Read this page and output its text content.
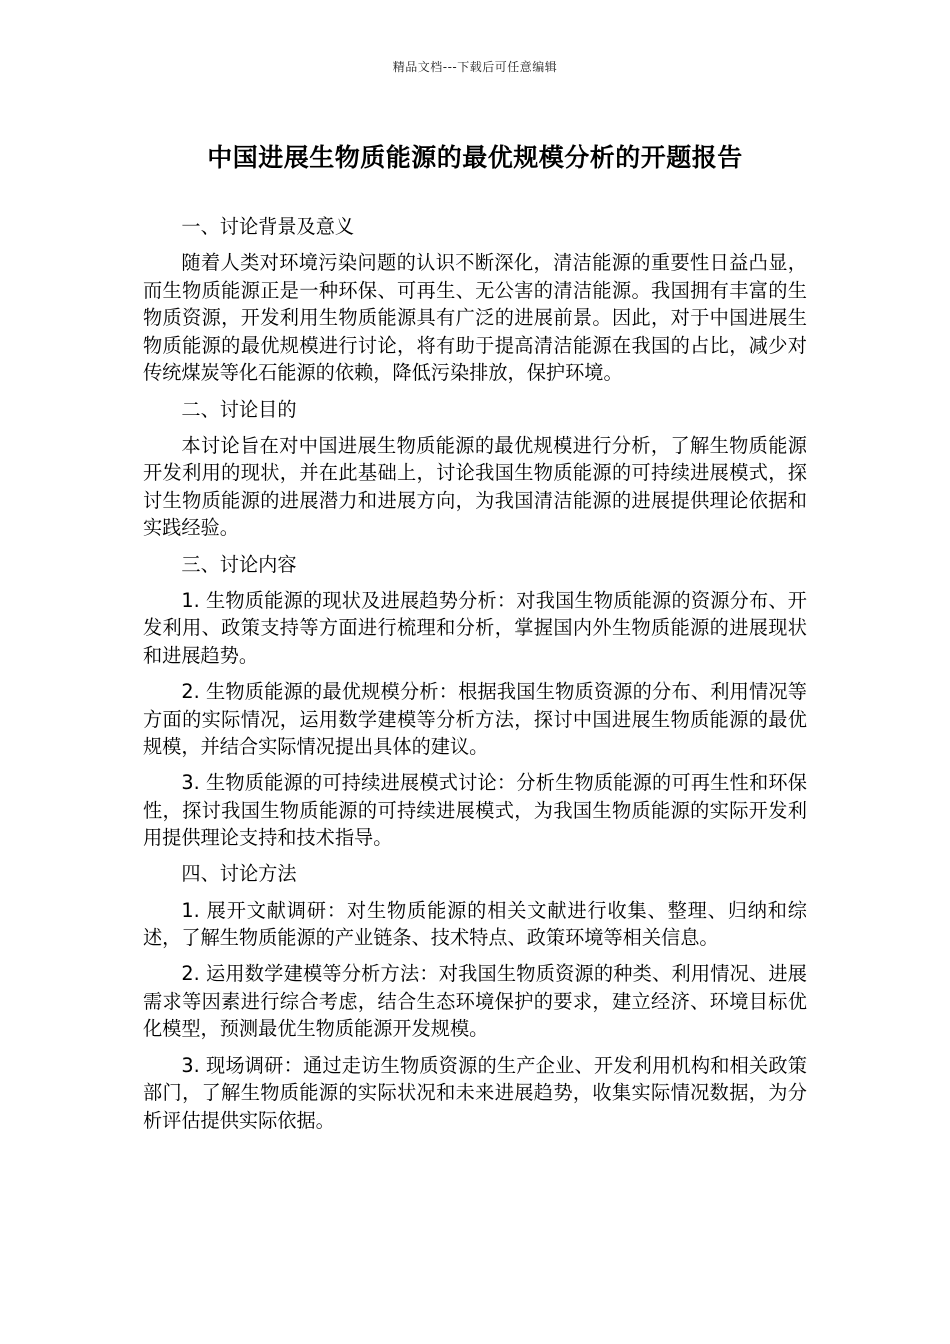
精品文档---下载后可任意编辑
中国进展生物质能源的最优规模分析的开题报告

一、讨论背景及意义

随着人类对环境污染问题的认识不断深化，清洁能源的重要性日益凸显，而生物质能源正是一种环保、可再生、无公害的清洁能源。我国拥有丰富的生物质资源，开发利用生物质能源具有广泛的进展前景。因此，对于中国进展生物质能源的最优规模进行讨论，将有助于提高清洁能源在我国的占比，减少对传统煤炭等化石能源的依赖，降低污染排放，保护环境。

二、讨论目的

本讨论旨在对中国进展生物质能源的最优规模进行分析，了解生物质能源开发利用的现状，并在此基础上，讨论我国生物质能源的可持续进展模式，探讨生物质能源的进展潜力和进展方向，为我国清洁能源的进展提供理论依据和实践经验。

三、讨论内容

1. 生物质能源的现状及进展趋势分析：对我国生物质能源的资源分布、开发利用、政策支持等方面进行梳理和分析，掌握国内外生物质能源的进展现状和进展趋势。

2. 生物质能源的最优规模分析：根据我国生物质资源的分布、利用情况等方面的实际情况，运用数学建模等分析方法，探讨中国进展生物质能源的最优规模，并结合实际情况提出具体的建议。

3. 生物质能源的可持续进展模式讨论：分析生物质能源的可再生性和环保性，探讨我国生物质能源的可持续进展模式，为我国生物质能源的实际开发利用提供理论支持和技术指导。

四、讨论方法

1. 展开文献调研：对生物质能源的相关文献进行收集、整理、归纳和综述，了解生物质能源的产业链条、技术特点、政策环境等相关信息。

2. 运用数学建模等分析方法：对我国生物质资源的种类、利用情况、进展需求等因素进行综合考虑，结合生态环境保护的要求，建立经济、环境目标优化模型，预测最优生物质能源开发规模。

3. 现场调研：通过走访生物质资源的生产企业、开发利用机构和相关政策部门，了解生物质能源的实际状况和未来进展趋势，收集实际情况数据，为分析评估提供实际依据。
